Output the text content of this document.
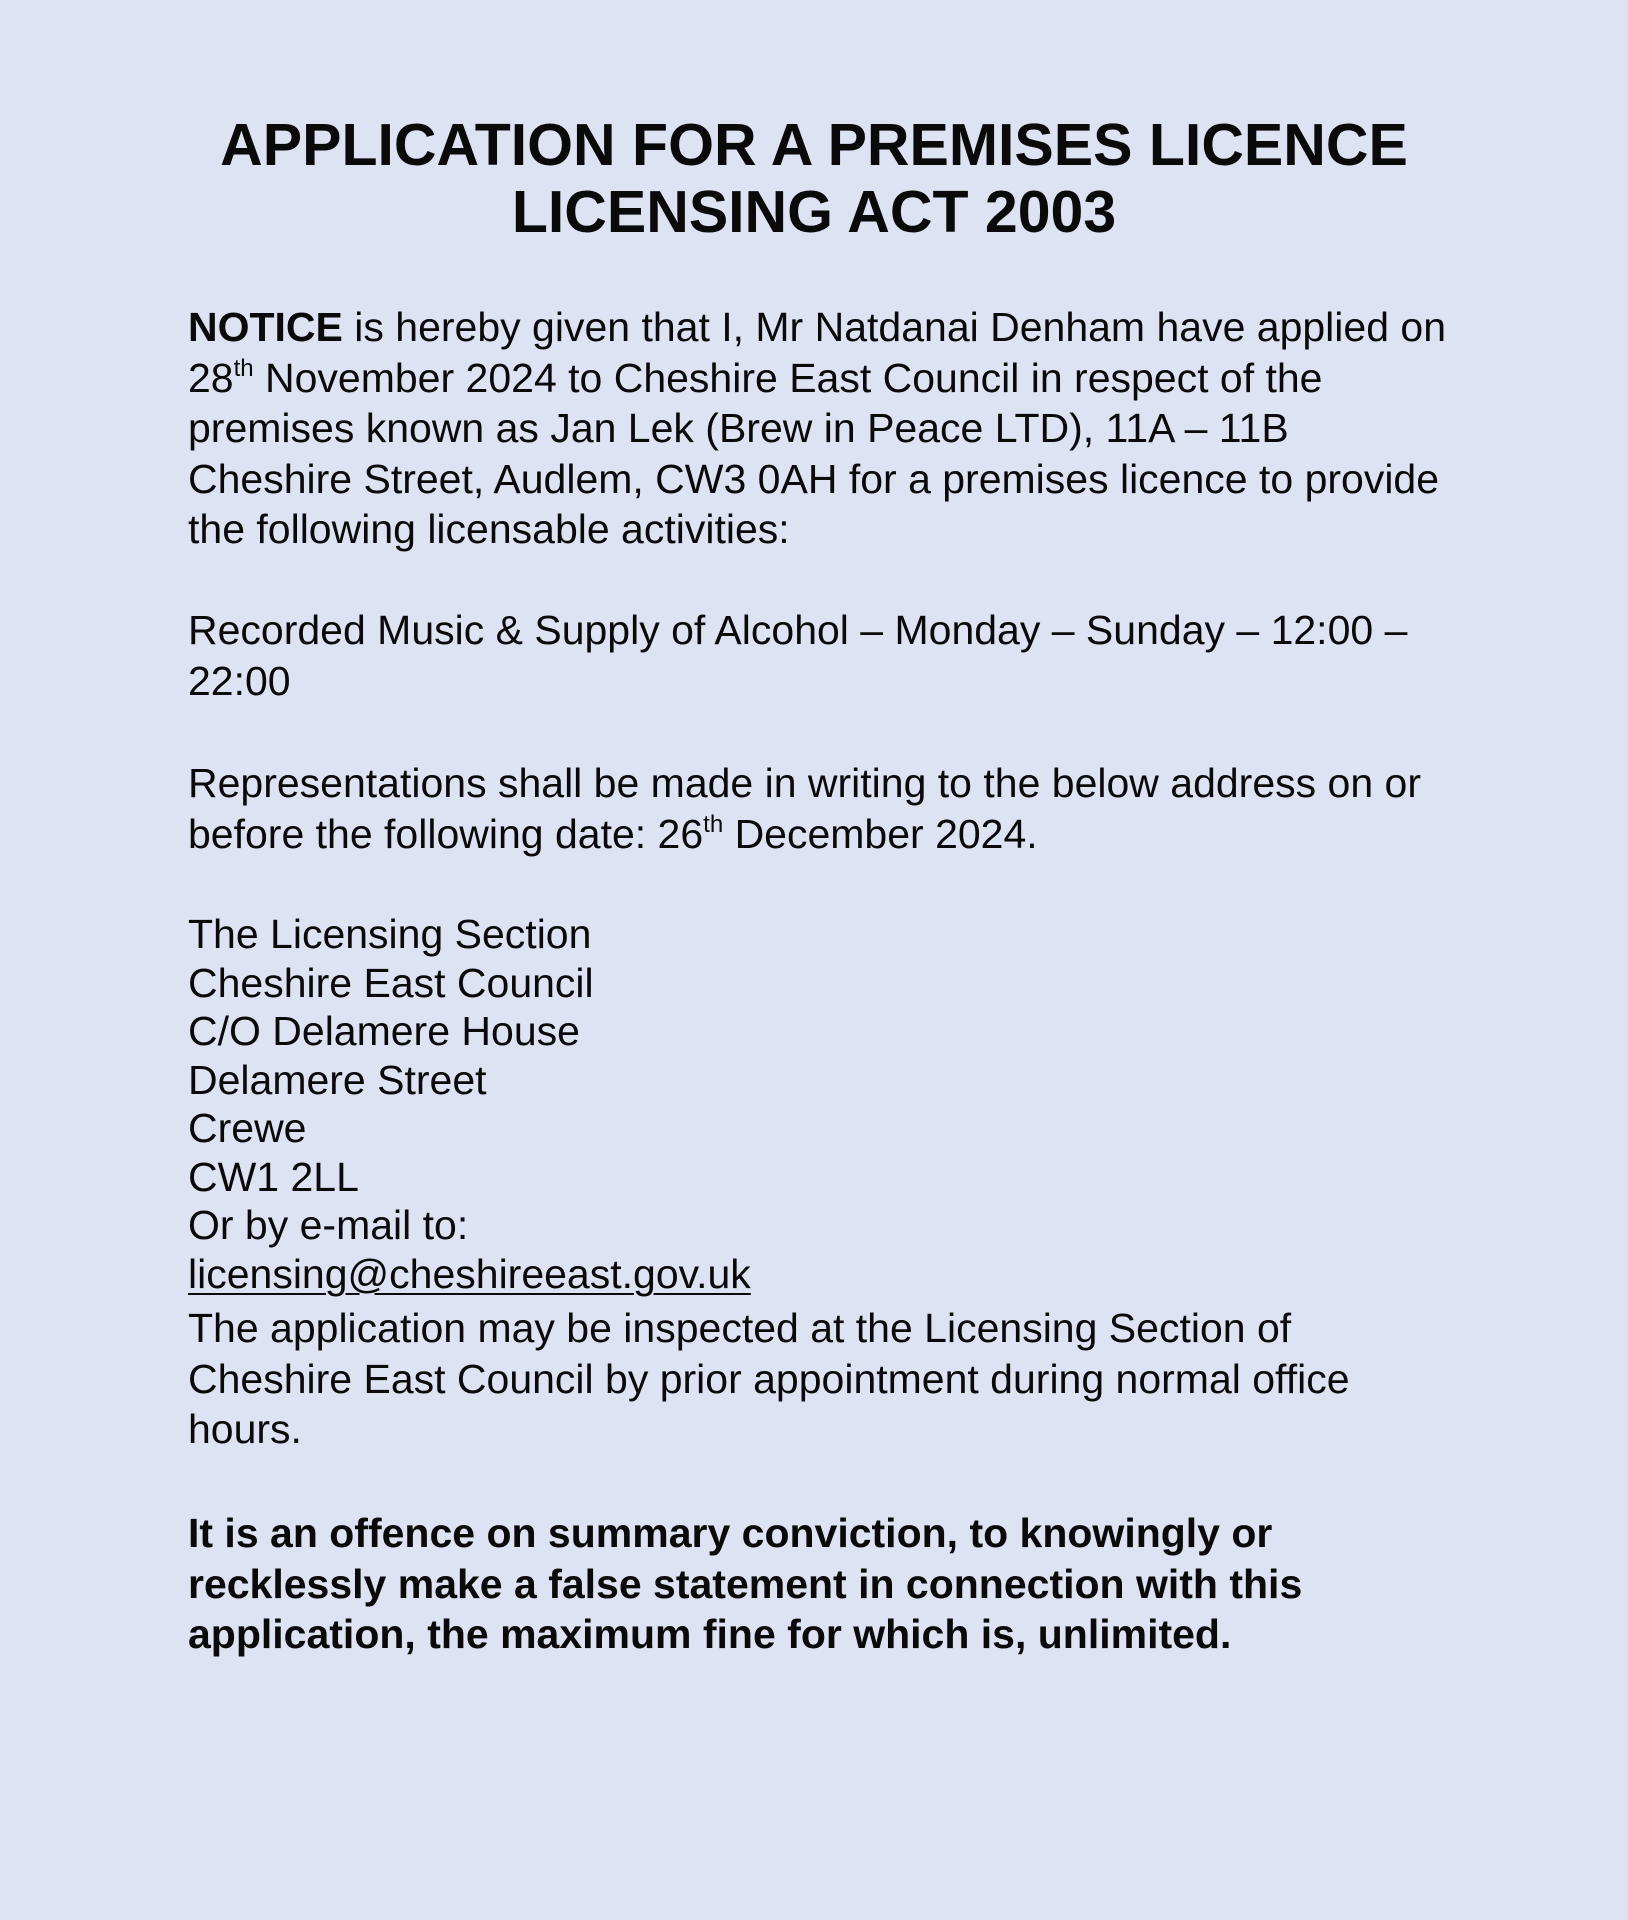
APPLICATION FOR A PREMISES LICENCE
LICENSING ACT 2003

NOTICE is hereby given that I, Mr Natdanai Denham have applied on 28th November 2024 to Cheshire East Council in respect of the premises known as Jan Lek (Brew in Peace LTD), 11A – 11B Cheshire Street, Audlem, CW3 0AH for a premises licence to provide the following licensable activities:

Recorded Music & Supply of Alcohol – Monday – Sunday – 12:00 – 22:00

Representations shall be made in writing to the below address on or before the following date: 26th December 2024.

The Licensing Section
Cheshire East Council
C/O Delamere House
Delamere Street
Crewe
CW1 2LL
Or by e-mail to:
licensing@cheshireeast.gov.uk

The application may be inspected at the Licensing Section of Cheshire East Council by prior appointment during normal office hours.

It is an offence on summary conviction, to knowingly or recklessly make a false statement in connection with this application, the maximum fine for which is, unlimited.
